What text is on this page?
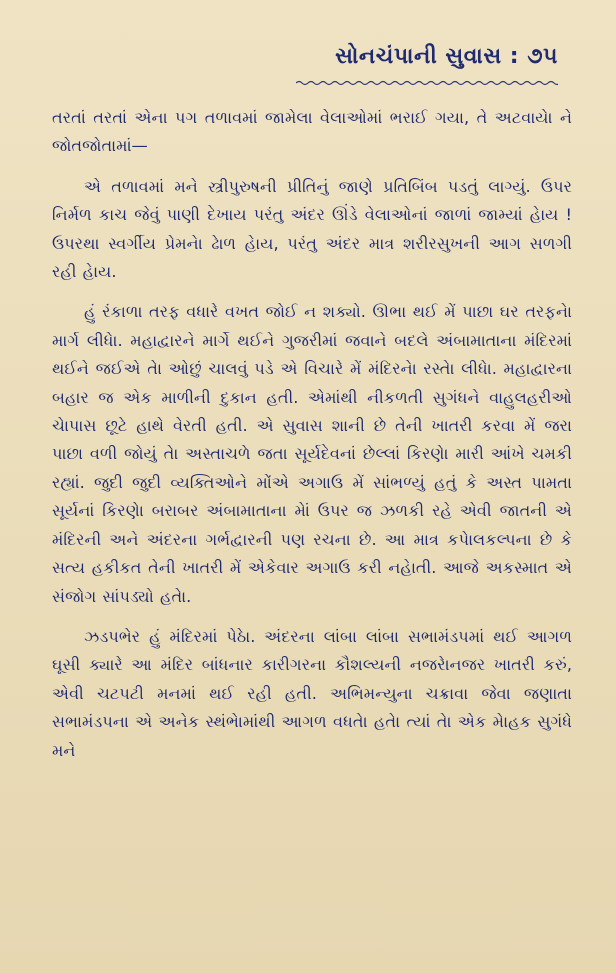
સોનચંપાની સુવાસ : ૭૫

તરતાં તરતાં એના પગ તળાવમાં જામેલા વેલાઓમાં ભરાઈ ગયા, તે અટવાયેા ને જોતજોતામાં—

એ તળાવમાં મને સ્ત્રીપુરુષની પ્રીતિનું જાણે પ્રતિબિંબ પડતું લાગ્યું. ઉપર નિર્મળ કાચ જેવું પાણી દેખાય પરંતુ અંદર ઊંડે વેલાઓનાં જાળાં જામ્યાં હેાય ! ઉપરથા સ્વર્ગીય પ્રેમનેા ઢેાળ હેાય, પરંતુ અંદર માત્ર શરીરસુખની આગ સળગી રહી હેાય.

હું રંકાળા તરફ વધારે વખત જોઈ ન શક્યો. ઊભા થઈ મેં પાછા ઘર તરફનેા માર્ગ લીધેા. મહાદ્વારને માર્ગે થઈને ગુજરીમાં જવાને બદલે અંબામાતાના મંદિરમાં થઈને જઈએ તેા ઓછું ચાલવું પડે એ વિચારે મેં મંદિરનેા રસ્તેા લીધેા. મહાદ્વારના બહાર જ એક માળીની દુકાન હતી. એમાંથી નીકળતી સુગંધને વાહુલહરીઓ ચેાપાસ છૂટે હાથે વેરતી હતી. એ સુવાસ શાની છે તેની ખાતરી કરવા મેં જરા પાછા વળી જોયું તેા અસ્તાચળે જતા સૂર્યદેવનાં છેલ્લાં કિરણેા મારી આંખે ચમકી રહ્યાં. જુદી જુદી વ્યક્તિઓને મોંએ અગાઉ મેં સાંભળ્યું હતું કે અસ્ત પામતા સૂર્યનાં કિરણેા બરાબર અંબામાતાના મેાં ઉપર જ ઝળકી રહે એવી જાતની એ મંદિરની અને અંદરના ગર્ભદ્વારની પણ રચના છે. આ માત્ર કપેાલકલ્પના છે કે સત્ય હકીકત તેની ખાતરી મેં એકેવાર અગાઉ કરી નહેાતી. આજે અકસ્માત એ સંજોગ સાંપડ્યો હતેા.

ઝડપભેર હું મંદિરમાં પેઠેા. અંદરના લાંબા લાંબા સભામંડપમાં થઈ આગળ ઘૂસી ક્યારે આ મંદિર બાંધનાર કારીગરના કૌશલ્યની નજરેાનજર ખાતરી કરું, એવી ચટપટી મનમાં થઈ રહી હતી. અભિમન્યુના ચક્રાવા જેવા જણાતા સભામંડપના એ અનેક સ્થંભેામાંથી આગળ વધતેા હતેા ત્યાં તેા એક મેાહક સુગંધે મને
